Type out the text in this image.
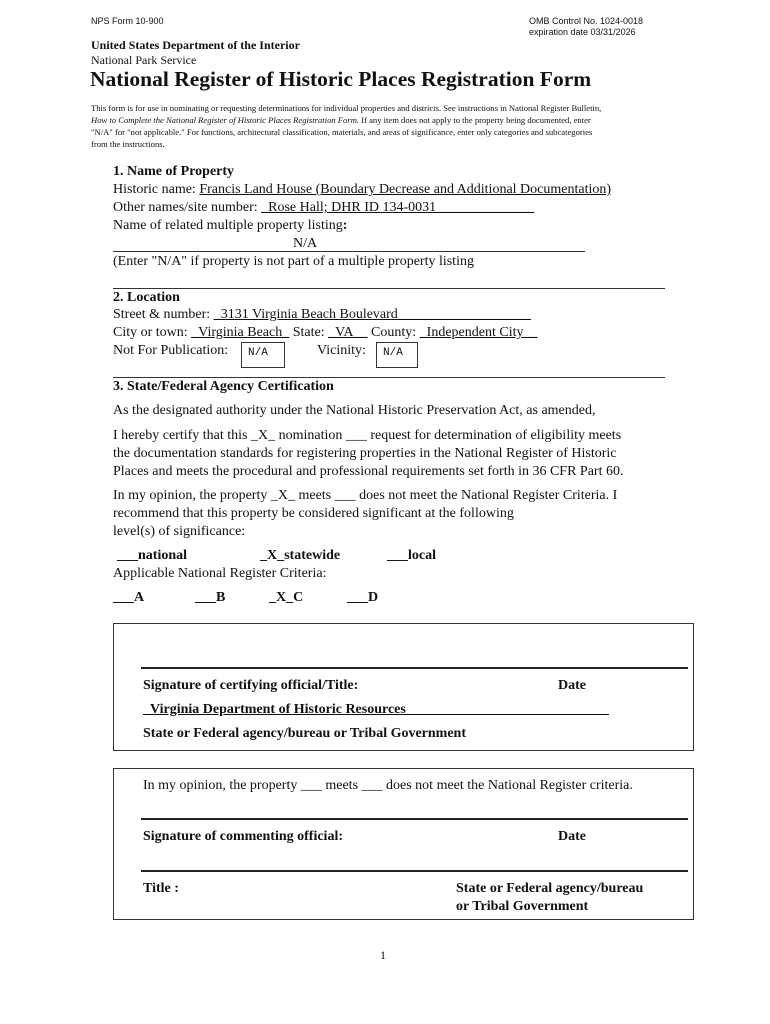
NPS Form 10-900	OMB Control No. 1024-0018
expiration date 03/31/2026
United States Department of the Interior
National Park Service
National Register of Historic Places Registration Form
This form is for use in nominating or requesting determinations for individual properties and districts. See instructions in National Register Bulletin,
How to Complete the National Register of Historic Places Registration Form. If any item does not apply to the property being documented, enter
"N/A" for "not applicable." For functions, architectural classification, materials, and areas of significance, enter only categories and subcategories
from the instructions.
1. Name of Property
Historic name: Francis Land House (Boundary Decrease and Additional Documentation)
Other names/site number: _Rose Hall; DHR ID 134-0031______________
Name of related multiple property listing:
N/A
(Enter "N/A" if property is not part of a multiple property listing
2. Location
Street & number: _3131 Virginia Beach Boulevard___________________
City or town: _Virginia Beach_ State: _VA__ County: _Independent City__
Not For Publication:	N/A	Vicinity:	N/A
3. State/Federal Agency Certification
As the designated authority under the National Historic Preservation Act, as amended,
I hereby certify that this _X_ nomination ___ request for determination of eligibility meets
the documentation standards for registering properties in the National Register of Historic
Places and meets the procedural and professional requirements set forth in 36 CFR Part 60.
In my opinion, the property _X_ meets ___ does not meet the National Register Criteria. I
recommend that this property be considered significant at the following
level(s) of significance:
___national	_X_statewide	___local
Applicable National Register Criteria:
___A	___B	_X_C	___D
Signature of certifying official/Title:	Date
_Virginia Department of Historic Resources_____________________________
State or Federal agency/bureau or Tribal Government
In my opinion, the property ___ meets ___ does not meet the National Register criteria.
Signature of commenting official:	Date
Title :	State or Federal agency/bureau
or Tribal Government
1
